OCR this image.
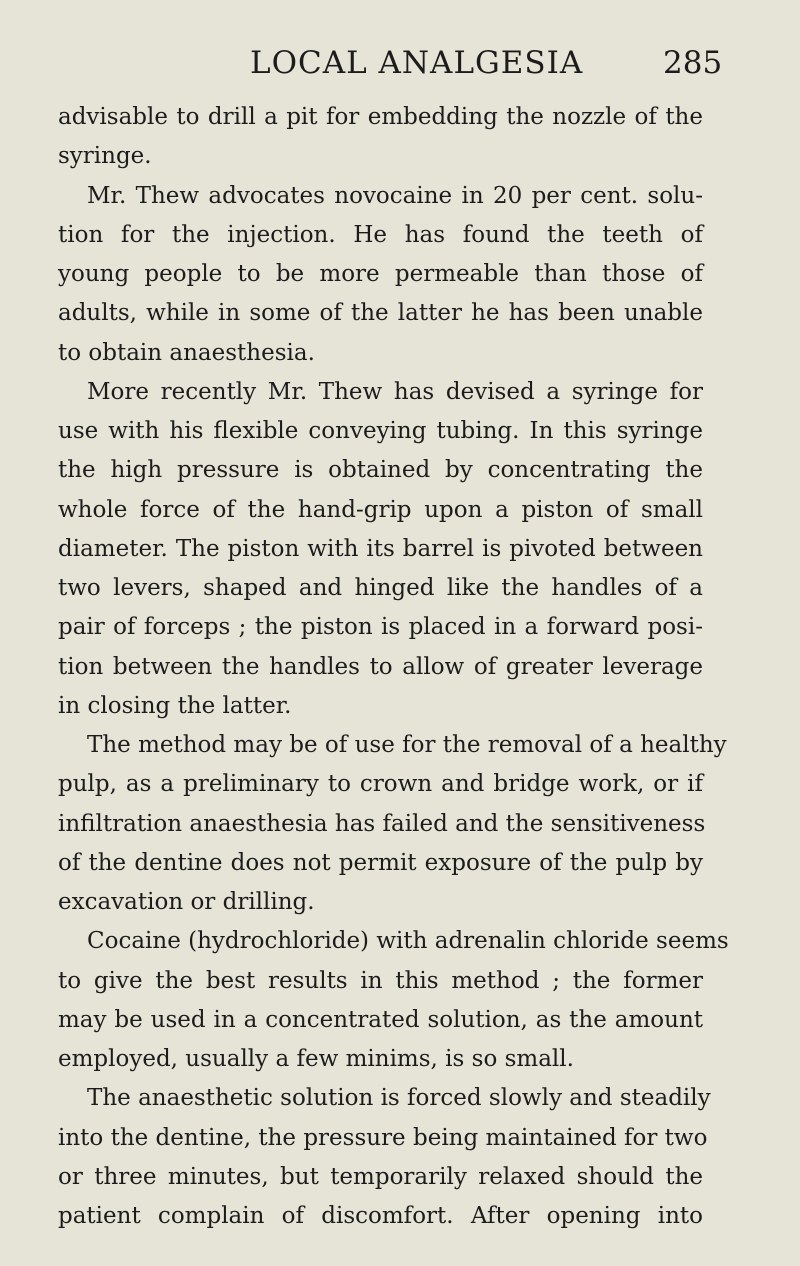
LOCAL ANALGESIA	285
advisable to drill a pit for embedding the nozzle of the
syringe.
Mr. Thew advocates novocaine in 20 per cent. solu-
tion for the injection. He has found the teeth of
young people to be more permeable than those of
adults, while in some of the latter he has been unable
to obtain anaesthesia.
More recently Mr. Thew has devised a syringe for
use with his flexible conveying tubing. In this syringe
the high pressure is obtained by concentrating the
whole force of the hand-grip upon a piston of small
diameter. The piston with its barrel is pivoted between
two levers, shaped and hinged like the handles of a
pair of forceps ; the piston is placed in a forward posi-
tion between the handles to allow of greater leverage
in closing the latter.
The method may be of use for the removal of a healthy
pulp, as a preliminary to crown and bridge work, or if
infiltration anaesthesia has failed and the sensitiveness
of the dentine does not permit exposure of the pulp by
excavation or drilling.
Cocaine (hydrochloride) with adrenalin chloride seems
to give the best results in this method ; the former
may be used in a concentrated solution, as the amount
employed, usually a few minims, is so small.
The anaesthetic solution is forced slowly and steadily
into the dentine, the pressure being maintained for two
or three minutes, but temporarily relaxed should the
patient complain of discomfort. After opening into
